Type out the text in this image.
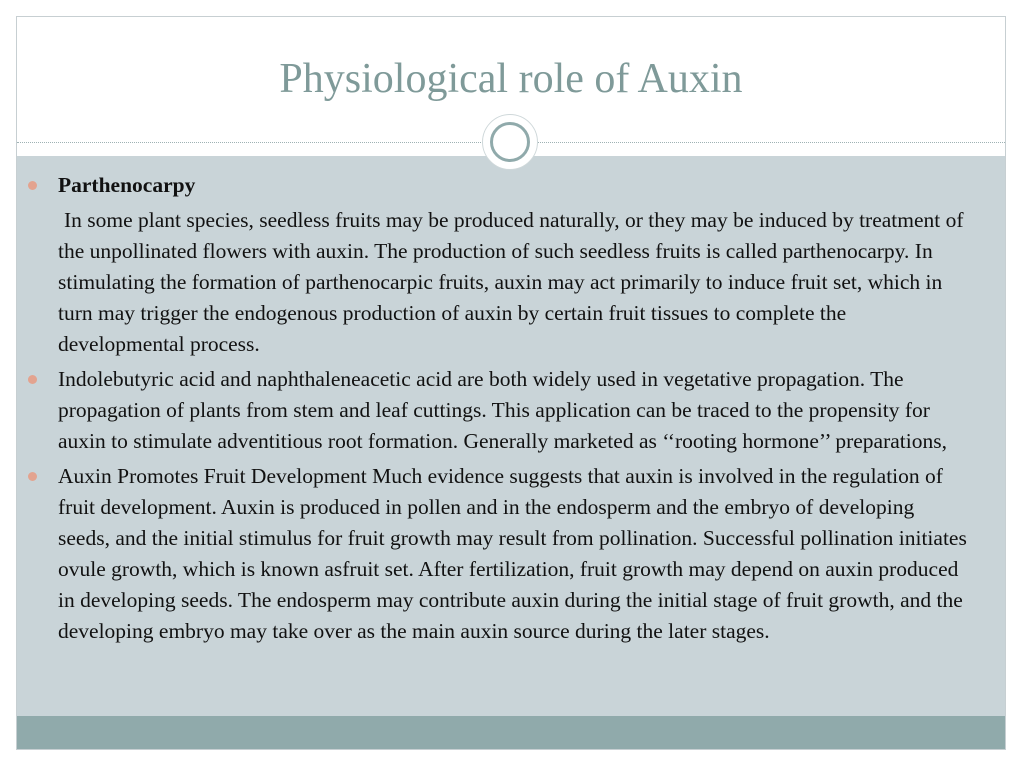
Physiological role of Auxin
Parthenocarpy
In some plant species, seedless fruits may be produced naturally, or they may be induced by treatment of the unpollinated flowers with auxin. The production of such seedless fruits is called parthenocarpy. In stimulating the formation of parthenocarpic fruits, auxin may act primarily to induce fruit set, which in turn may trigger the endogenous production of auxin by certain fruit tissues to complete the developmental process.
Indolebutyric acid and naphthaleneacetic acid are both widely used in vegetative propagation. The propagation of plants from stem and leaf cuttings. This application can be traced to the propensity for auxin to stimulate adventitious root formation. Generally marketed as ‘‘rooting hormone’’ preparations,
Auxin Promotes Fruit Development Much evidence suggests that auxin is involved in the regulation of fruit development. Auxin is produced in pollen and in the endosperm and the embryo of developing seeds, and the initial stimulus for fruit growth may result from pollination. Successful pollination initiates ovule growth, which is known asfruit set. After fertilization, fruit growth may depend on auxin produced in developing seeds. The endosperm may contribute auxin during the initial stage of fruit growth, and the developing embryo may take over as the main auxin source during the later stages.
